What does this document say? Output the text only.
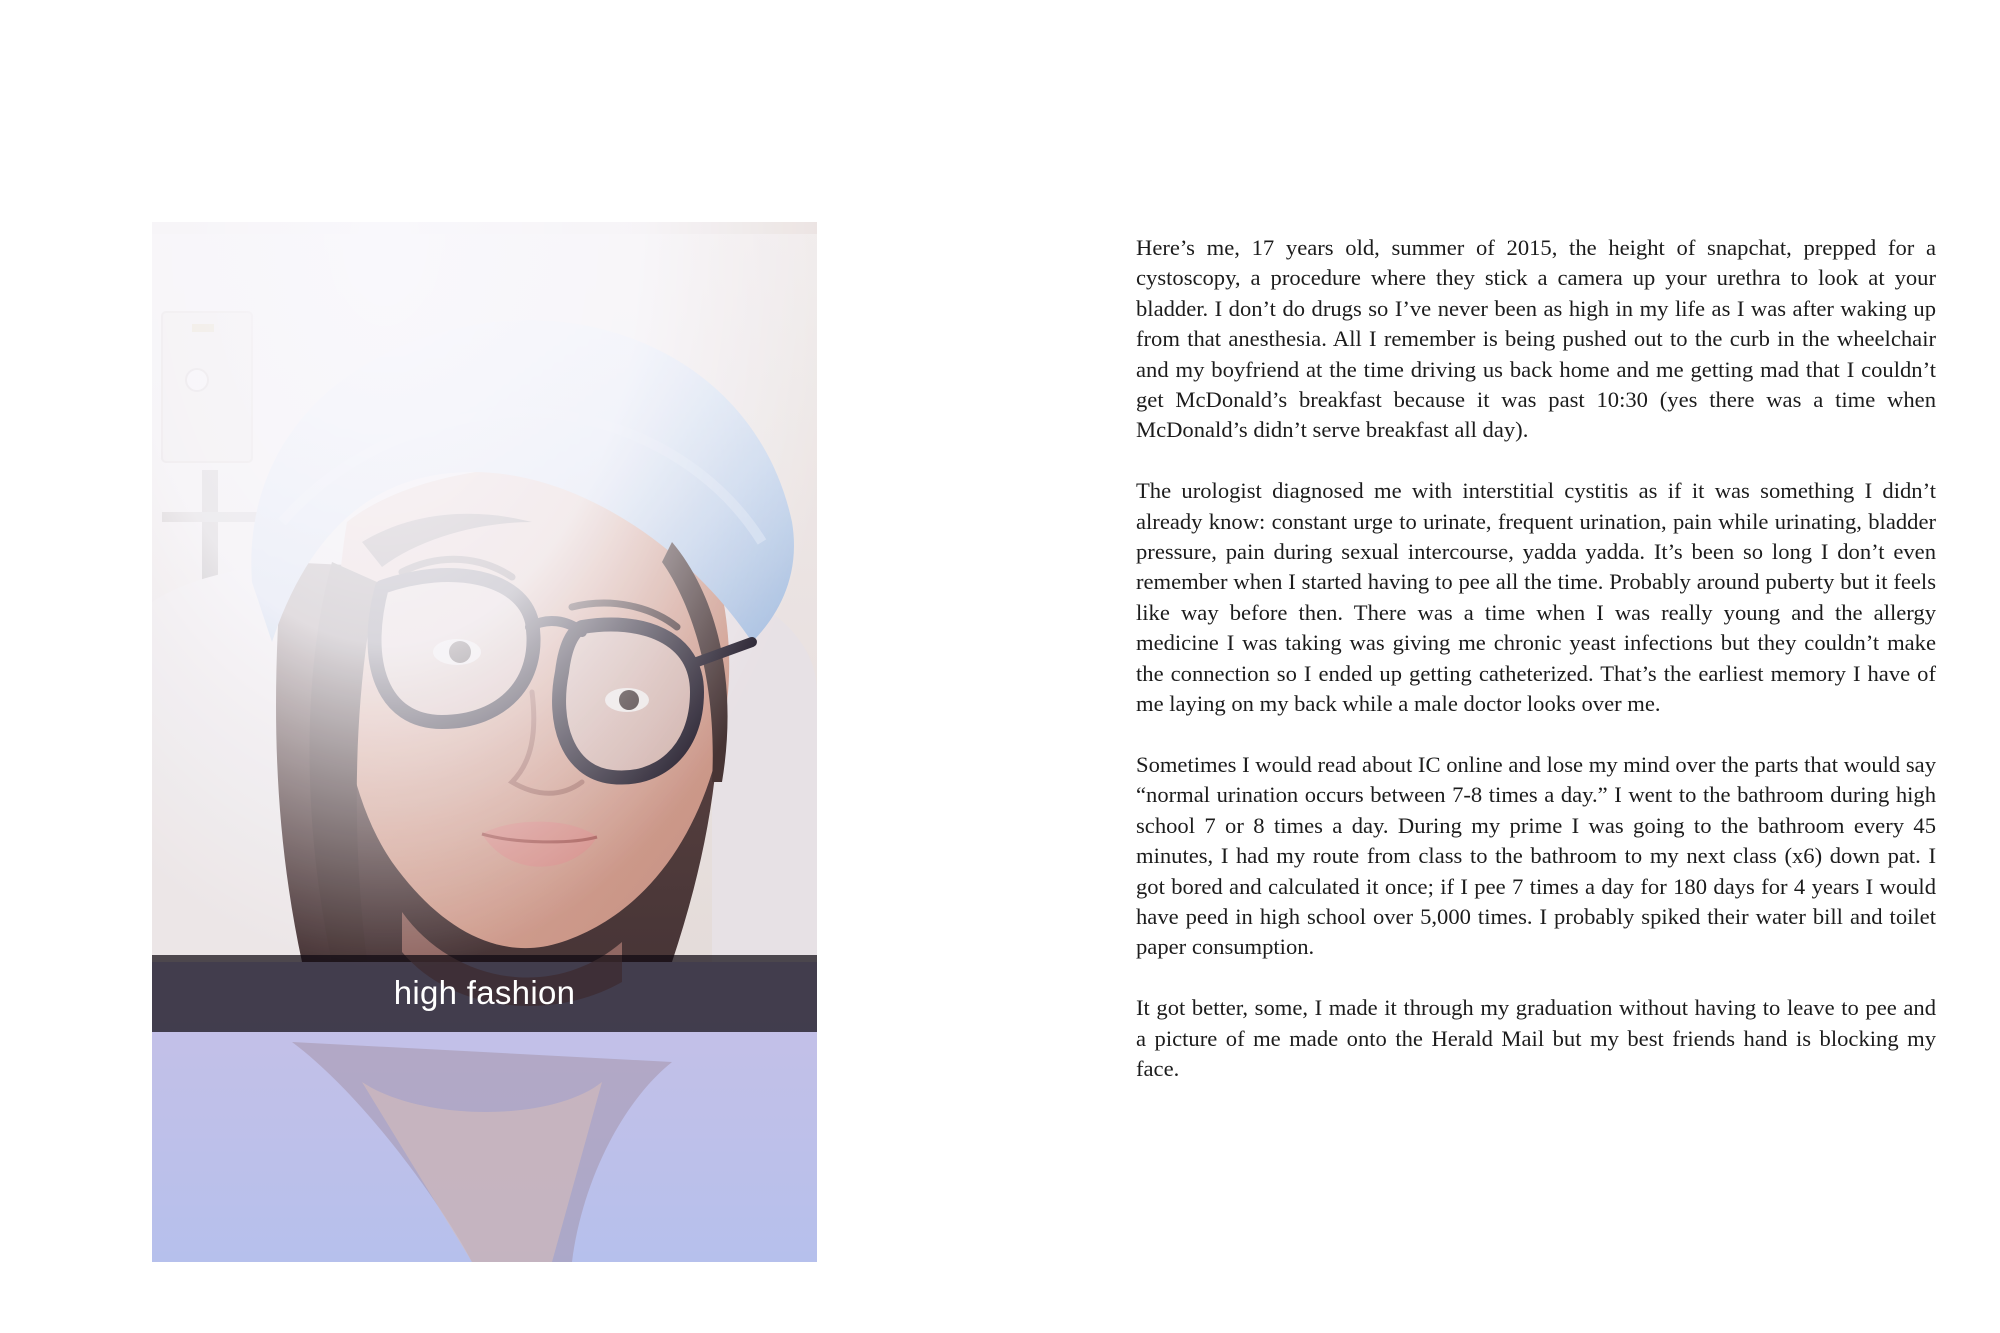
high fashion

Here’s me, 17 years old, summer of 2015, the height of snapchat, prepped for a cystoscopy, a procedure where they stick a camera up your urethra to look at your bladder. I don’t do drugs so I’ve never been as high in my life as I was after waking up from that anesthesia. All I remember is being pushed out to the curb in the wheelchair and my boyfriend at the time driving us back home and me getting mad that I couldn’t get McDonald’s breakfast because it was past 10:30 (yes there was a time when McDonald’s didn’t serve breakfast all day).

The urologist diagnosed me with interstitial cystitis as if it was something I didn’t already know: constant urge to urinate, frequent urination, pain while urinating, bladder pressure, pain during sexual intercourse, yadda yadda. It’s been so long I don’t even remember when I started having to pee all the time. Probably around puberty but it feels like way before then. There was a time when I was really young and the allergy medicine I was taking was giving me chronic yeast infections but they couldn’t make the connection so I ended up getting catheterized. That’s the earliest memory I have of me laying on my back while a male doctor looks over me.

Sometimes I would read about IC online and lose my mind over the parts that would say “normal urination occurs between 7-8 times a day.” I went to the bathroom during high school 7 or 8 times a day. During my prime I was going to the bathroom every 45 minutes, I had my route from class to the bathroom to my next class (x6) down pat. I got bored and calculated it once; if I pee 7 times a day for 180 days for 4 years I would have peed in high school over 5,000 times. I probably spiked their water bill and toilet paper consumption.

It got better, some, I made it through my graduation without having to leave to pee and a picture of me made onto the Herald Mail but my best friends hand is blocking my face.
